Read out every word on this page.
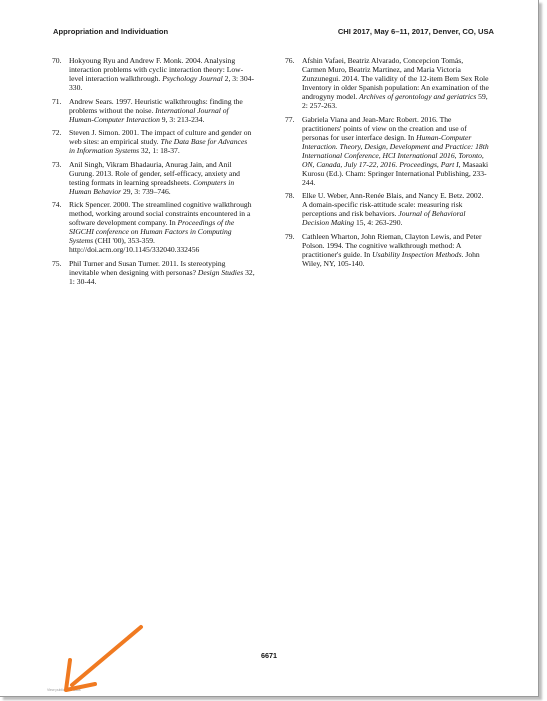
Appropriation and Individuation	CHI 2017, May 6–11, 2017, Denver, CO, USA
70. Hokyoung Ryu and Andrew F. Monk. 2004. Analysing interaction problems with cyclic interaction theory: Low-level interaction walkthrough. Psychology Journal 2, 3: 304-330.
71. Andrew Sears. 1997. Heuristic walkthroughs: finding the problems without the noise. International Journal of Human-Computer Interaction 9, 3: 213-234.
72. Steven J. Simon. 2001. The impact of culture and gender on web sites: an empirical study. The Data Base for Advances in Information Systems 32, 1: 18-37.
73. Anil Singh, Vikram Bhadauria, Anurag Jain, and Anil Gurung. 2013. Role of gender, self-efficacy, anxiety and testing formats in learning spreadsheets. Computers in Human Behavior 29, 3: 739–746.
74. Rick Spencer. 2000. The streamlined cognitive walkthrough method, working around social constraints encountered in a software development company. In Proceedings of the SIGCHI conference on Human Factors in Computing Systems (CHI '00), 353-359. http://doi.acm.org/10.1145/332040.332456
75. Phil Turner and Susan Turner. 2011. Is stereotyping inevitable when designing with personas? Design Studies 32, 1: 30-44.
76. Afshin Vafaei, Beatriz Alvarado, Concepcion Tomás, Carmen Muro, Beatriz Martinez, and Maria Victoria Zunzunegui. 2014. The validity of the 12-item Bem Sex Role Inventory in older Spanish population: An examination of the androgyny model. Archives of gerontology and geriatrics 59, 2: 257-263.
77. Gabriela Viana and Jean-Marc Robert. 2016. The practitioners' points of view on the creation and use of personas for user interface design. In Human-Computer Interaction. Theory, Design, Development and Practice: 18th International Conference, HCI International 2016, Toronto, ON, Canada, July 17-22, 2016. Proceedings, Part I, Masaaki Kurosu (Ed.). Cham: Springer International Publishing, 233-244.
78. Elke U. Weber, Ann-Renée Blais, and Nancy E. Betz. 2002. A domain-specific risk-attitude scale: measuring risk perceptions and risk behaviors. Journal of Behavioral Decision Making 15, 4: 263-290.
79. Cathleen Wharton, John Rieman, Clayton Lewis, and Peter Polson. 1994. The cognitive walkthrough method: A practitioner's guide. In Usability Inspection Methods. John Wiley, NY, 105-140.
6671
View publication stats
